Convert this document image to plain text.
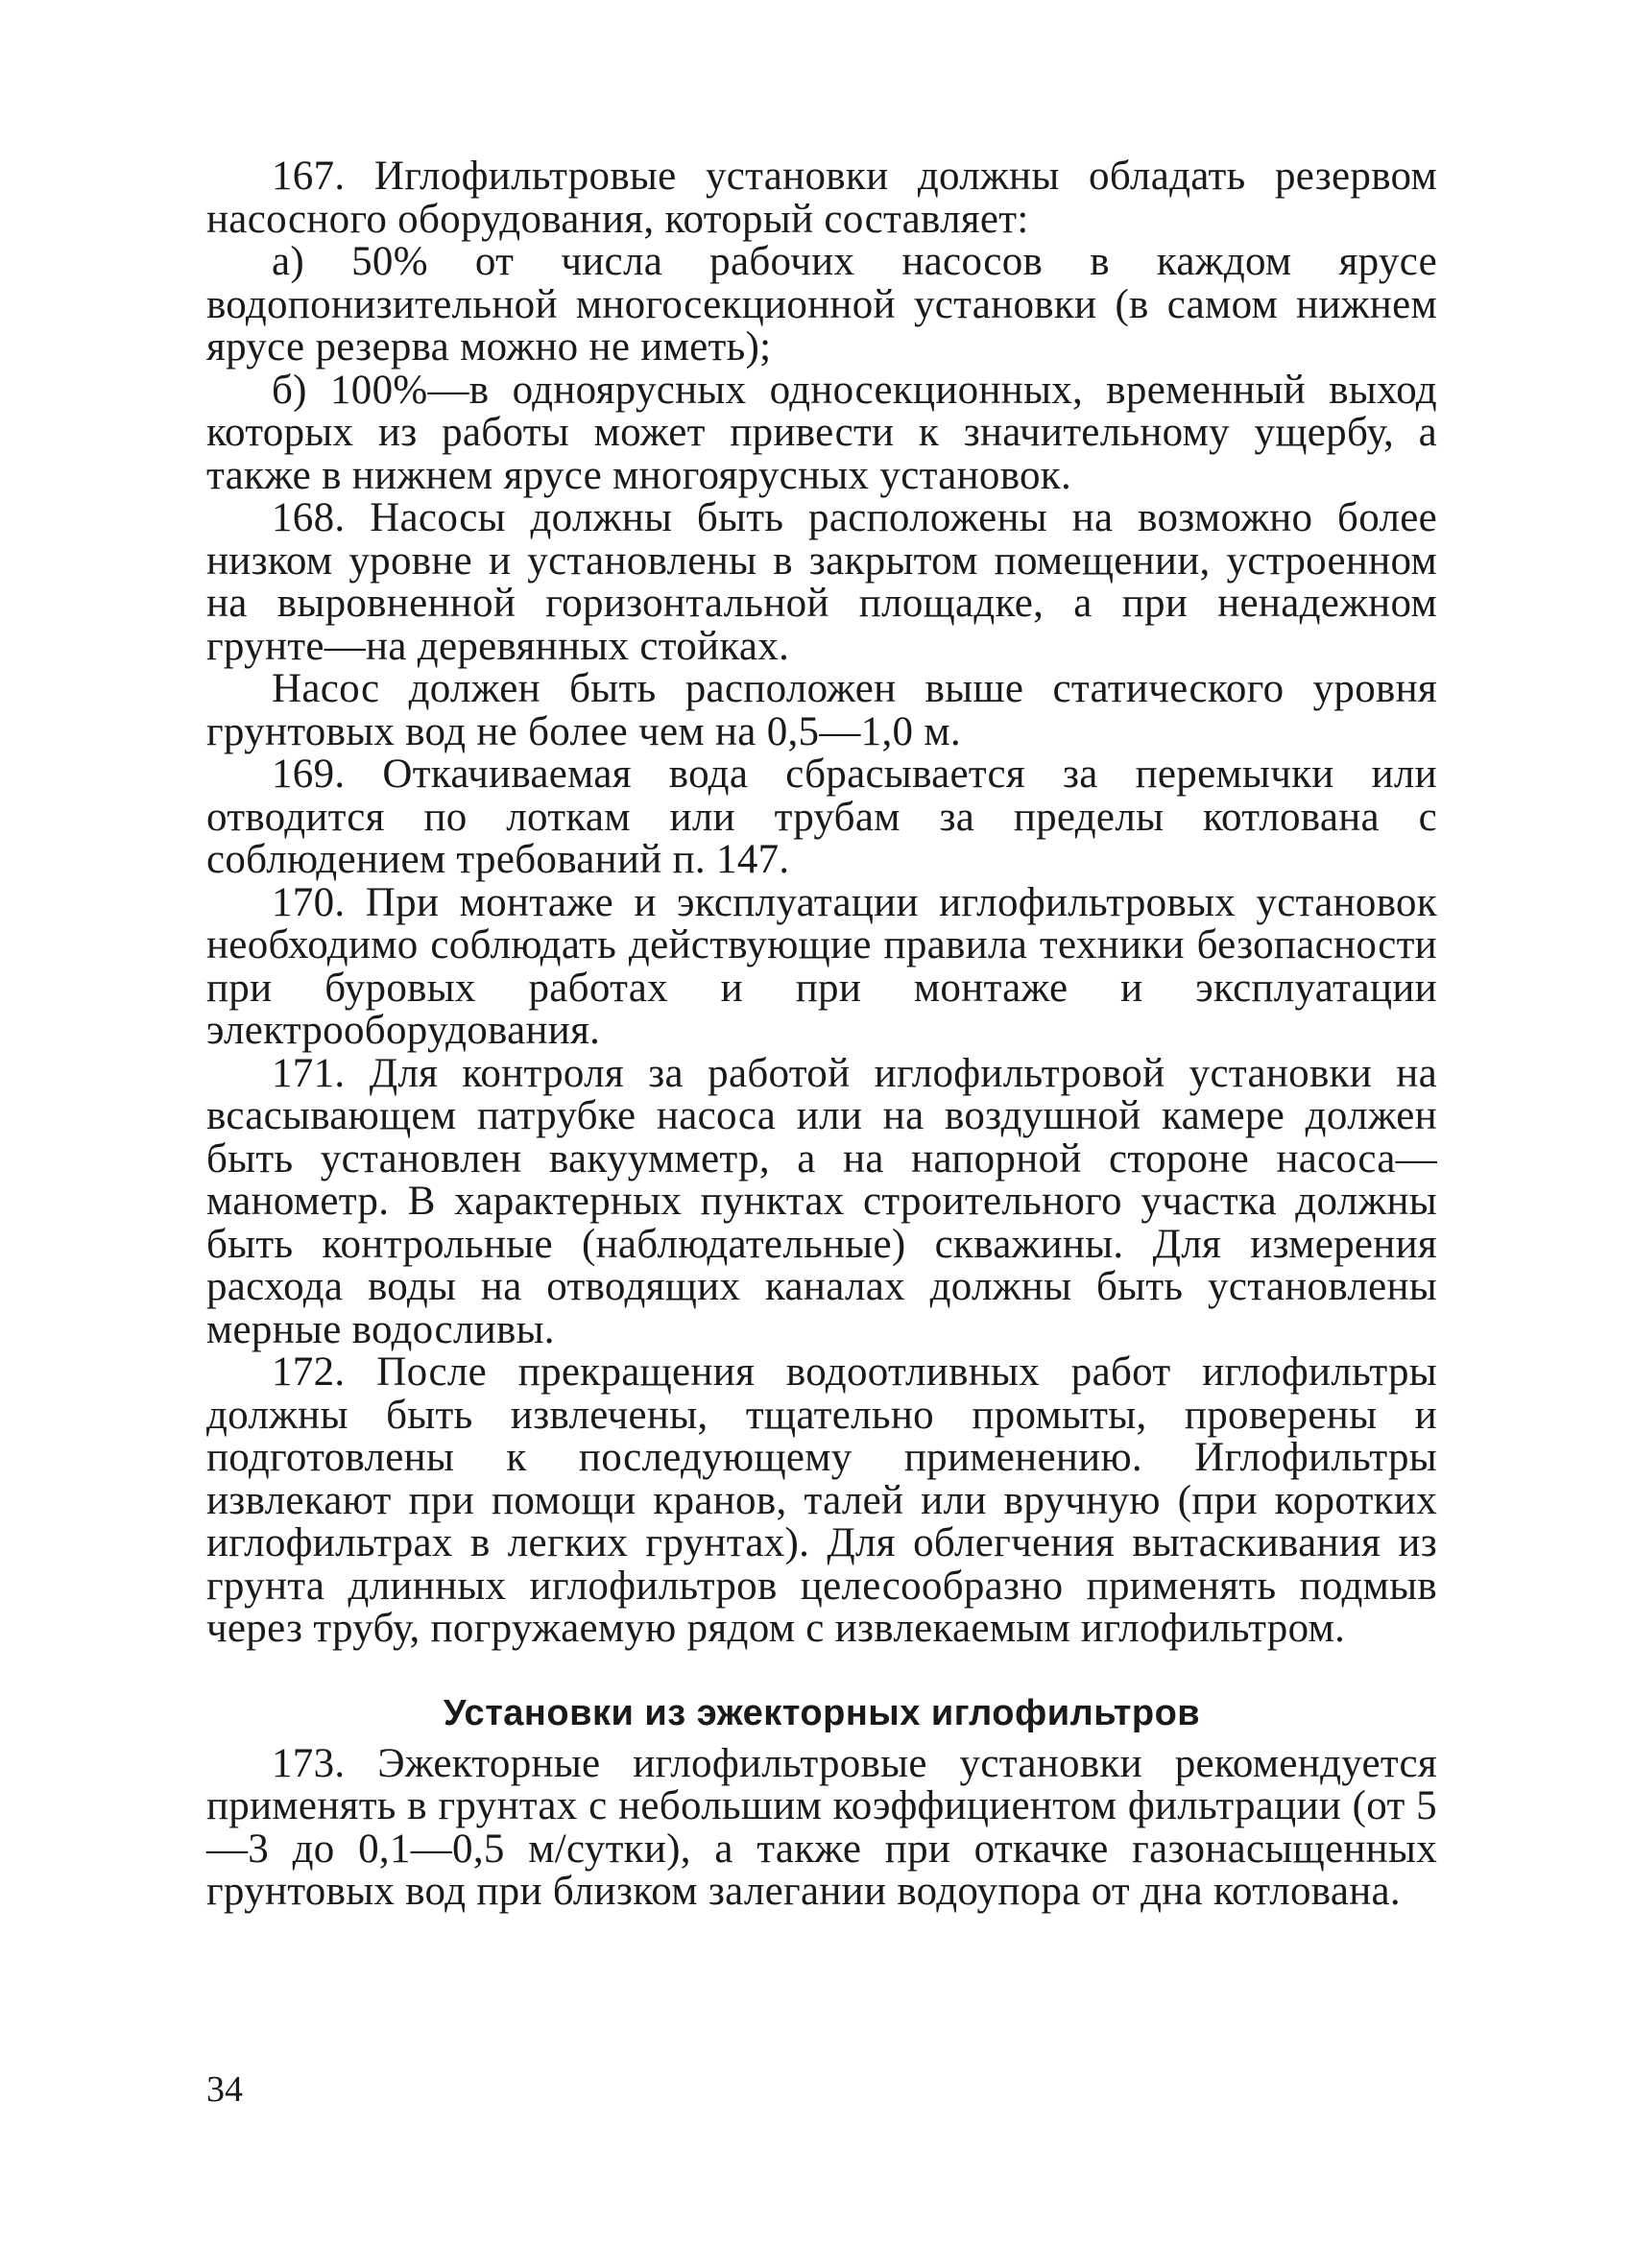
167. Иглофильтровые установки должны обладать резервом насосного оборудования, который составляет:

а) 50% от числа рабочих насосов в каждом ярусе водопонизительной многосекционной установки (в самом нижнем ярусе резерва можно не иметь);

б) 100%—в одноярусных односекционных, временный выход которых из работы может привести к значительному ущербу, а также в нижнем ярусе многоярусных установок.

168. Насосы должны быть расположены на возможно более низком уровне и установлены в закрытом помещении, устроенном на выровненной горизонтальной площадке, а при ненадежном грунте—на деревянных стойках.

Насос должен быть расположен выше статического уровня грунтовых вод не более чем на 0,5—1,0 м.

169. Откачиваемая вода сбрасывается за перемычки или отводится по лоткам или трубам за пределы котлована с соблюдением требований п. 147.

170. При монтаже и эксплуатации иглофильтровых установок необходимо соблюдать действующие правила техники безопасности при буровых работах и при монтаже и эксплуатации электрооборудования.

171. Для контроля за работой иглофильтровой установки на всасывающем патрубке насоса или на воздушной камере должен быть установлен вакуумметр, а на напорной стороне насоса—манометр. В характерных пунктах строительного участка должны быть контрольные (наблюдательные) скважины. Для измерения расхода воды на отводящих каналах должны быть установлены мерные водосливы.

172. После прекращения водоотливных работ иглофильтры должны быть извлечены, тщательно промыты, проверены и подготовлены к последующему применению. Иглофильтры извлекают при помощи кранов, талей или вручную (при коротких иглофильтрах в легких грунтах). Для облегчения вытаскивания из грунта длинных иглофильтров целесообразно применять подмыв через трубу, погружаемую рядом с извлекаемым иглофильтром.

Установки из эжекторных иглофильтров

173. Эжекторные иглофильтровые установки рекомендуется применять в грунтах с небольшим коэффициентом фильтрации (от 5—3 до 0,1—0,5 м/сутки), а также при откачке газонасыщенных грунтовых вод при близком залегании водоупора от дна котлована.

34
